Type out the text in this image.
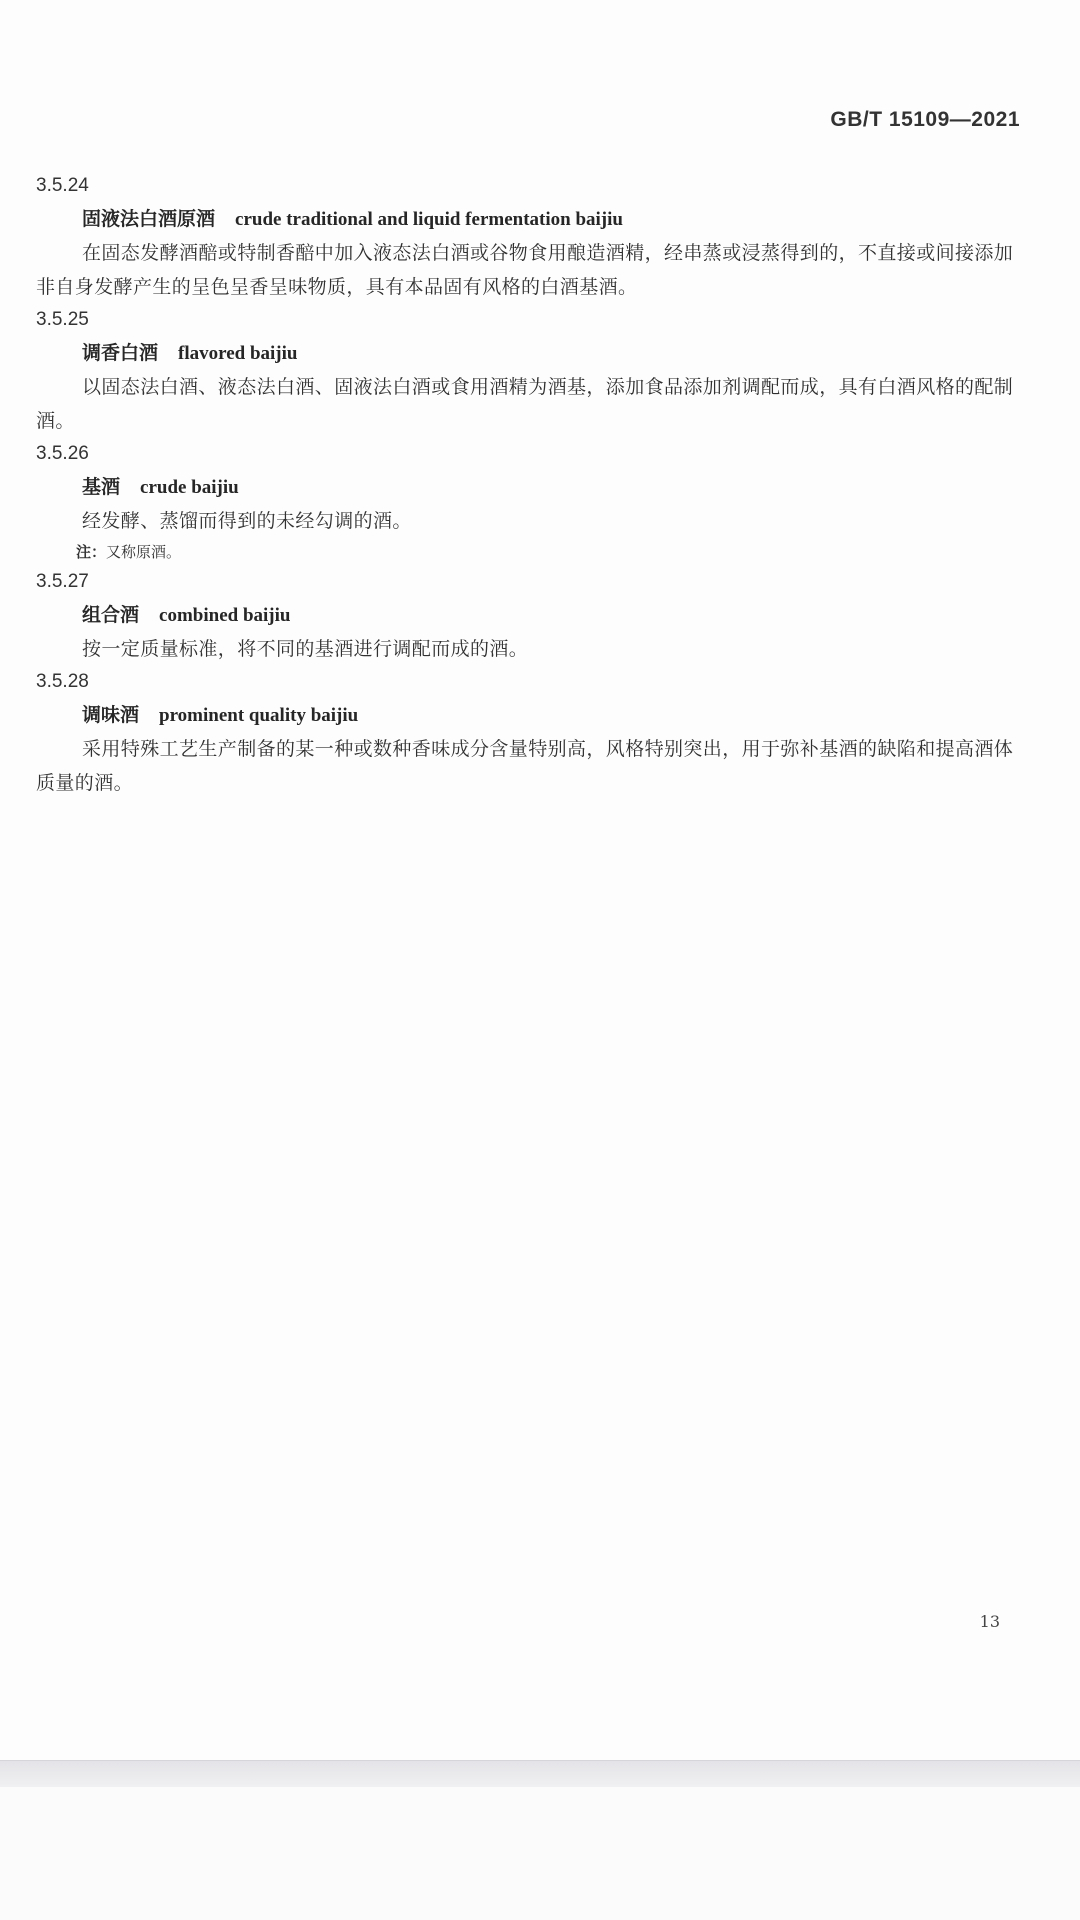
GB/T 15109—2021
3.5.24
固液法白酒原酒 crude traditional and liquid fermentation baijiu
在固态发酵酒醅或特制香醅中加入液态法白酒或谷物食用酿造酒精，经串蒸或浸蒸得到的，不直接或间接添加非自身发酵产生的呈色呈香呈味物质，具有本品固有风格的白酒基酒。
3.5.25
调香白酒 flavored baijiu
以固态法白酒、液态法白酒、固液法白酒或食用酒精为酒基，添加食品添加剂调配而成，具有白酒风格的配制酒。
3.5.26
基酒 crude baijiu
经发酵、蒸馏而得到的未经勾调的酒。
注：又称原酒。
3.5.27
组合酒 combined baijiu
按一定质量标准，将不同的基酒进行调配而成的酒。
3.5.28
调味酒 prominent quality baijiu
采用特殊工艺生产制备的某一种或数种香味成分含量特别高，风格特别突出，用于弥补基酒的缺陷和提高酒体质量的酒。
13
